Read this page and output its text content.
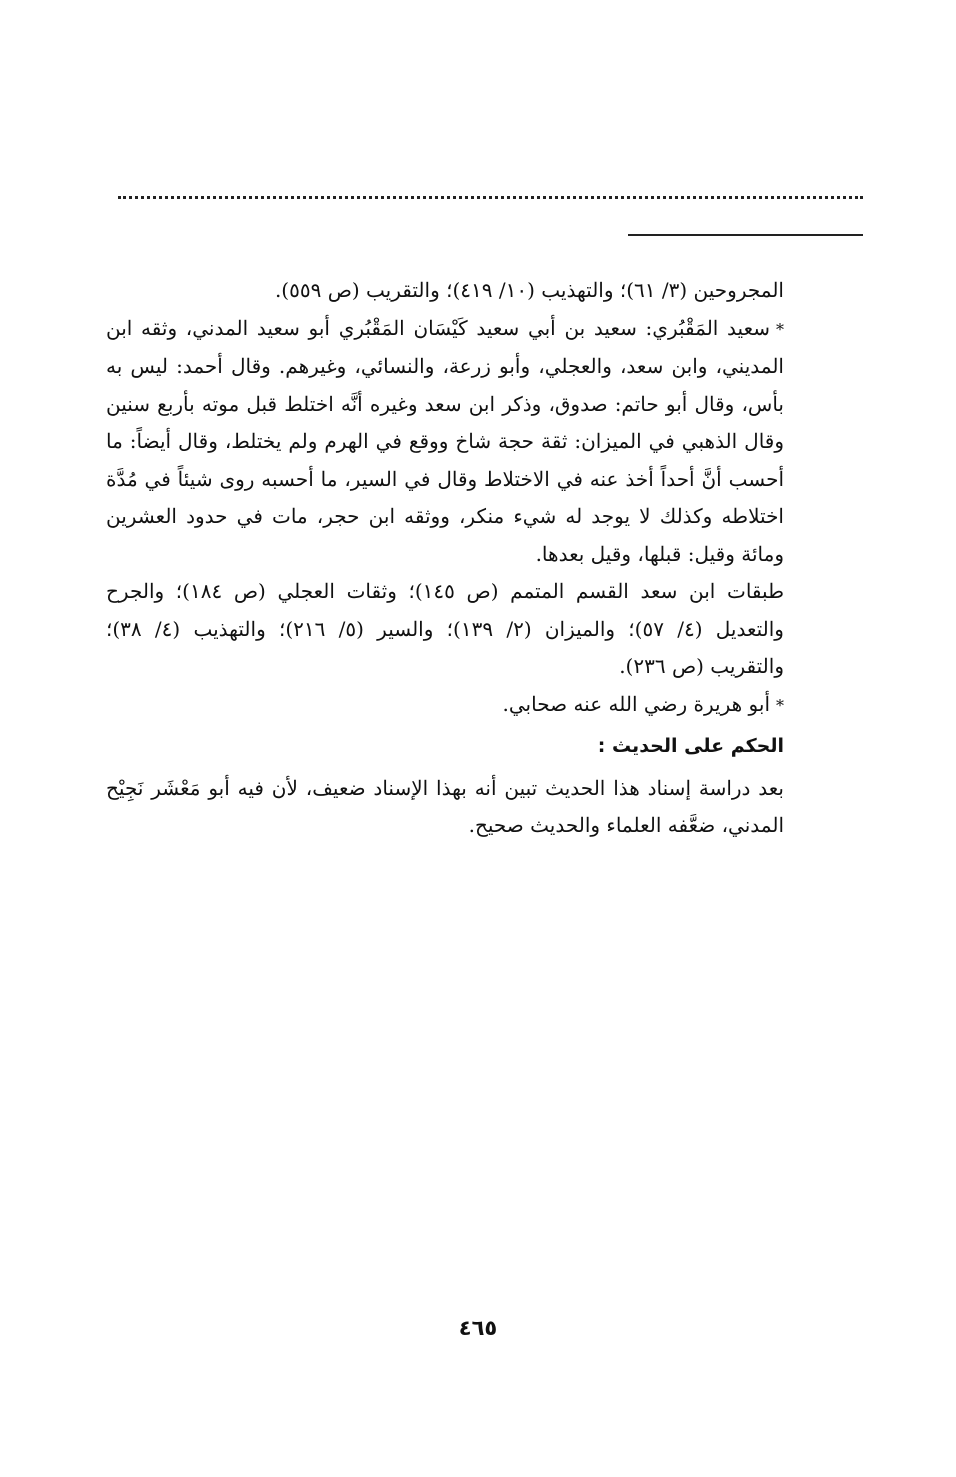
المجروحين (٣/ ٦١)؛ والتهذيب (١٠/ ٤١٩)؛ والتقريب (ص ٥٥٩).

*سعيد المَقْبُري: سعيد بن أبي سعيد كَيْسَان المَقْبُري أبو سعيد المدني، وثقه ابن المديني، وابن سعد، والعجلي، وأبو زرعة، والنسائي، وغيرهم. وقال أحمد: ليس به بأس، وقال أبو حاتم: صدوق، وذكر ابن سعد وغيره أنَّه اختلط قبل موته بأربع سنين وقال الذهبي في الميزان: ثقة حجة شاخ ووقع في الهرم ولم يختلط، وقال أيضاً: ما أحسب أنَّ أحداً أخذ عنه في الاختلاط وقال في السير، ما أحسبه روى شيئاً في مُدَّة اختلاطه وكذلك لا يوجد له شيء منكر، ووثقه ابن حجر، مات في حدود العشرين ومائة وقيل: قبلها، وقيل بعدها.

طبقات ابن سعد القسم المتمم (ص ١٤٥)؛ وثقات العجلي (ص ١٨٤)؛ والجرح والتعديل (٤/ ٥٧)؛ والميزان (٢/ ١٣٩)؛ والسير (٥/ ٢١٦)؛ والتهذيب (٤/ ٣٨)؛ والتقريب (ص ٢٣٦).

*أبو هريرة رضي الله عنه صحابي.

الحكم على الحديث :

بعد دراسة إسناد هذا الحديث تبين أنه بهذا الإسناد ضعيف، لأن فيه أبو مَعْشَر نَجِيْح المدني، ضعَّفه العلماء والحديث صحيح.

٤٦٥
